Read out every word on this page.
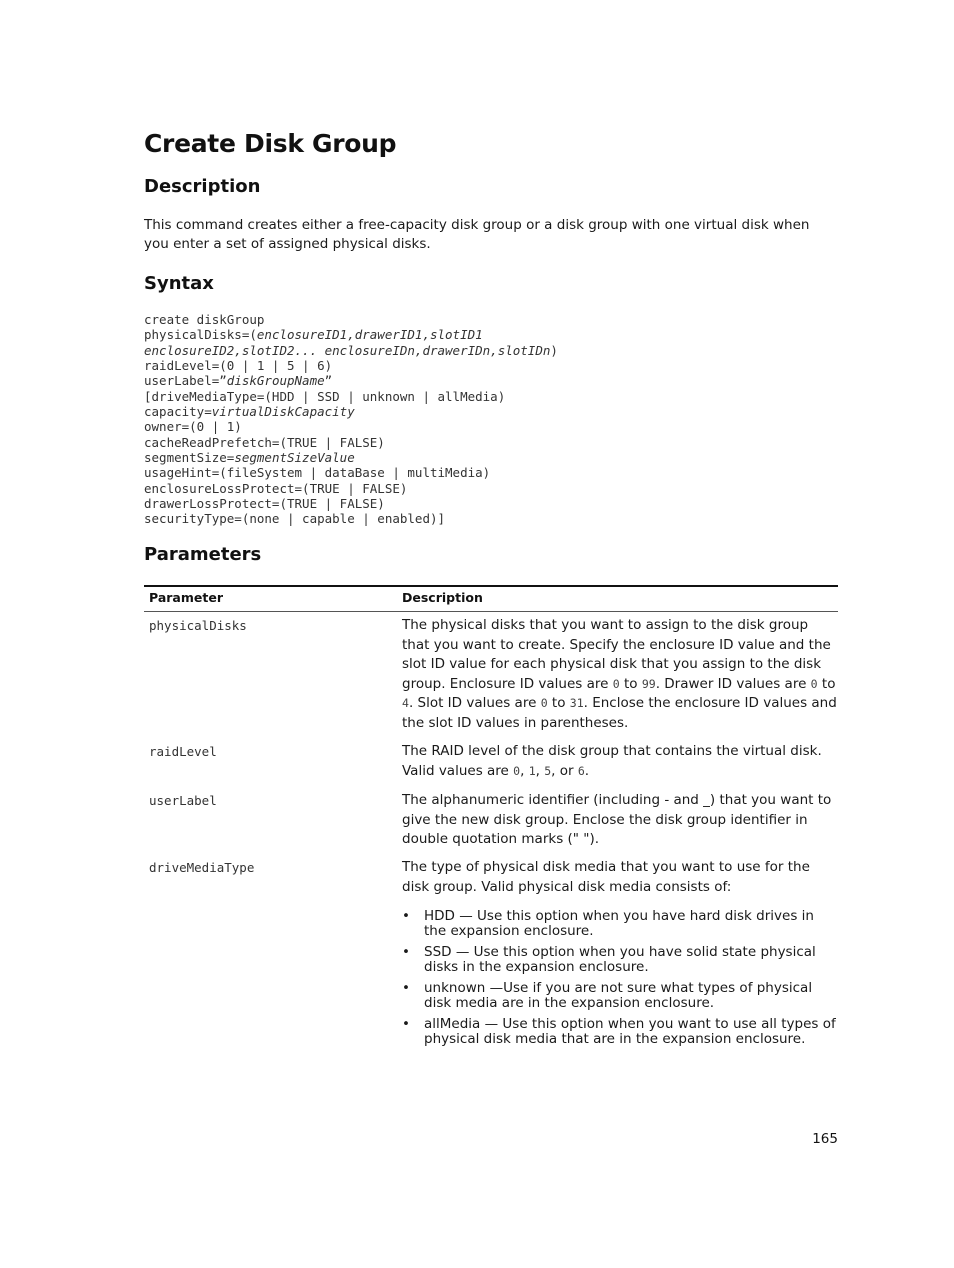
Create Disk Group
Description

This command creates either a free-capacity disk group or a disk group with one virtual disk when you enter a set of assigned physical disks.

Syntax
create diskGroup
physicalDisks=(enclosureID1,drawerID1,slotID1
enclosureID2,slotID2... enclosureIDn,drawerIDn,slotIDn)
raidLevel=(0 | 1 | 5 | 6)
userLabel=”diskGroupName”
[driveMediaType=(HDD | SSD | unknown | allMedia)
capacity=virtualDiskCapacity
owner=(0 | 1)
cacheReadPrefetch=(TRUE | FALSE)
segmentSize=segmentSizeValue
usageHint=(fileSystem | dataBase | multiMedia)
enclosureLossProtect=(TRUE | FALSE)
drawerLossProtect=(TRUE | FALSE)
securityType=(none | capable | enabled)]
Parameters
Parameter	Description
physicalDisks	The physical disks that you want to assign to the disk group that you want to create. Specify the enclosure ID value and the slot ID value for each physical disk that you assign to the disk group. Enclosure ID values are 0 to 99. Drawer ID values are 0 to 4. Slot ID values are 0 to 31. Enclose the enclosure ID values and the slot ID values in parentheses.
raidLevel	The RAID level of the disk group that contains the virtual disk. Valid values are 0, 1, 5, or 6.
userLabel	The alphanumeric identifier (including - and _) that you want to give the new disk group. Enclose the disk group identifier in double quotation marks (" ").
driveMediaType	The type of physical disk media that you want to use for the disk group. Valid physical disk media consists of:
• HDD — Use this option when you have hard disk drives in the expansion enclosure.
• SSD — Use this option when you have solid state physical disks in the expansion enclosure.
• unknown —Use if you are not sure what types of physical disk media are in the expansion enclosure.
• allMedia — Use this option when you want to use all types of physical disk media that are in the expansion enclosure.
165
